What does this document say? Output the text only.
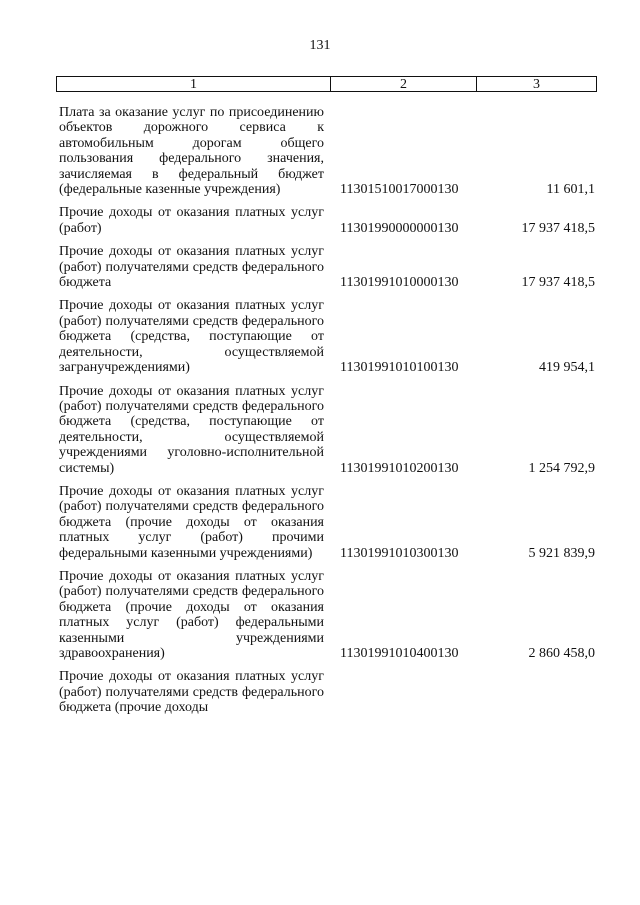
131
1	2	3
Плата за оказание услуг по присоединению объектов дорожного сервиса к автомобильным дорогам общего пользования федерального значения, зачисляемая в федеральный бюджет (федеральные казенные учреждения)	11301510017000130	11 601,1
Прочие доходы от оказания платных услуг (работ)	11301990000000130	17 937 418,5
Прочие доходы от оказания платных услуг (работ) получателями средств федерального бюджета	11301991010000130	17 937 418,5
Прочие доходы от оказания платных услуг (работ) получателями средств федерального бюджета (средства, поступающие от деятельности, осуществляемой загранучреждениями)	11301991010100130	419 954,1
Прочие доходы от оказания платных услуг (работ) получателями средств федерального бюджета (средства, поступающие от деятельности, осуществляемой учреждениями уголовно-исполнительной системы)	11301991010200130	1 254 792,9
Прочие доходы от оказания платных услуг (работ) получателями средств федерального бюджета (прочие доходы от оказания платных услуг (работ) прочими федеральными казенными учреждениями)	11301991010300130	5 921 839,9
Прочие доходы от оказания платных услуг (работ) получателями средств федерального бюджета (прочие доходы от оказания платных услуг (работ) федеральными казенными учреждениями здравоохранения)	11301991010400130	2 860 458,0
Прочие доходы от оказания платных услуг (работ) получателями средств федерального бюджета (прочие доходы
